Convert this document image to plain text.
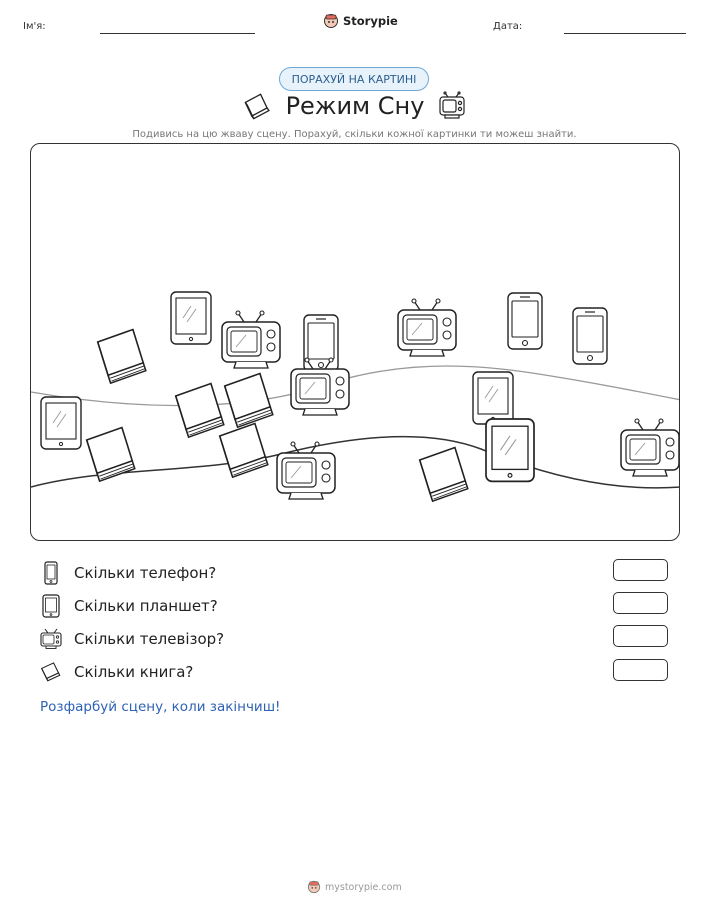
Ім'я:	Storypie	Дата:
ПОРАХУЙ НА КАРТИНІ
Режим Сну
Подивись на цю жваву сцену. Порахуй, скільки кожної картинки ти можеш знайти.
Скільки телефон?
Скільки планшет?
Скільки телевізор?
Скільки книга?
Розфарбуй сцену, коли закінчиш!
mystorypie.com
